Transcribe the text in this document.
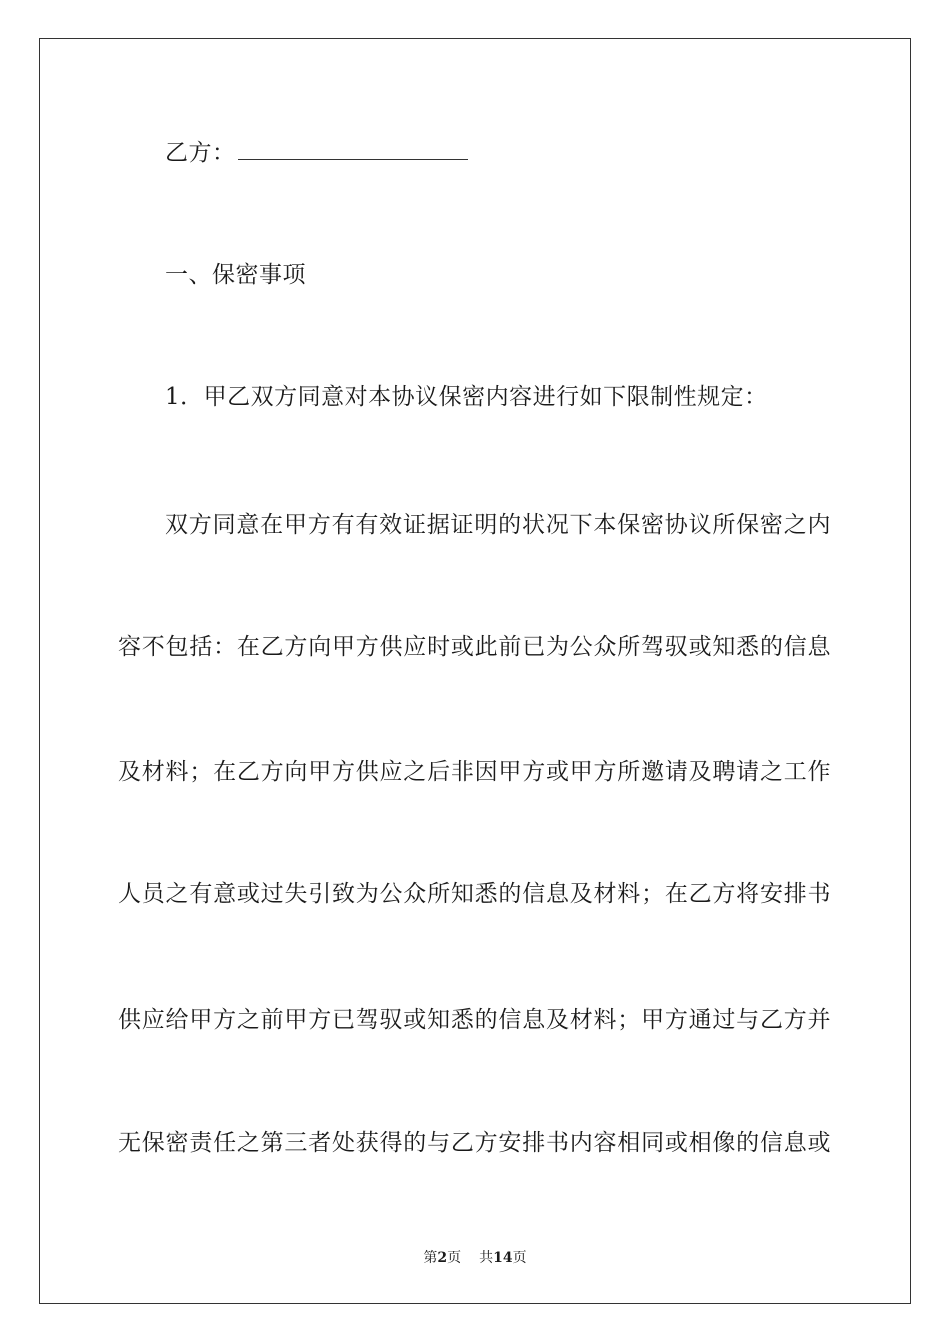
乙方：
一、保密事项
1．甲乙双方同意对本协议保密内容进行如下限制性规定：
双方同意在甲方有有效证据证明的状况下本保密协议所保密之内
容不包括：在乙方向甲方供应时或此前已为公众所驾驭或知悉的信息
及材料；在乙方向甲方供应之后非因甲方或甲方所邀请及聘请之工作
人员之有意或过失引致为公众所知悉的信息及材料；在乙方将安排书
供应给甲方之前甲方已驾驭或知悉的信息及材料；甲方通过与乙方并
无保密责任之第三者处获得的与乙方安排书内容相同或相像的信息或
第2页 共14页
